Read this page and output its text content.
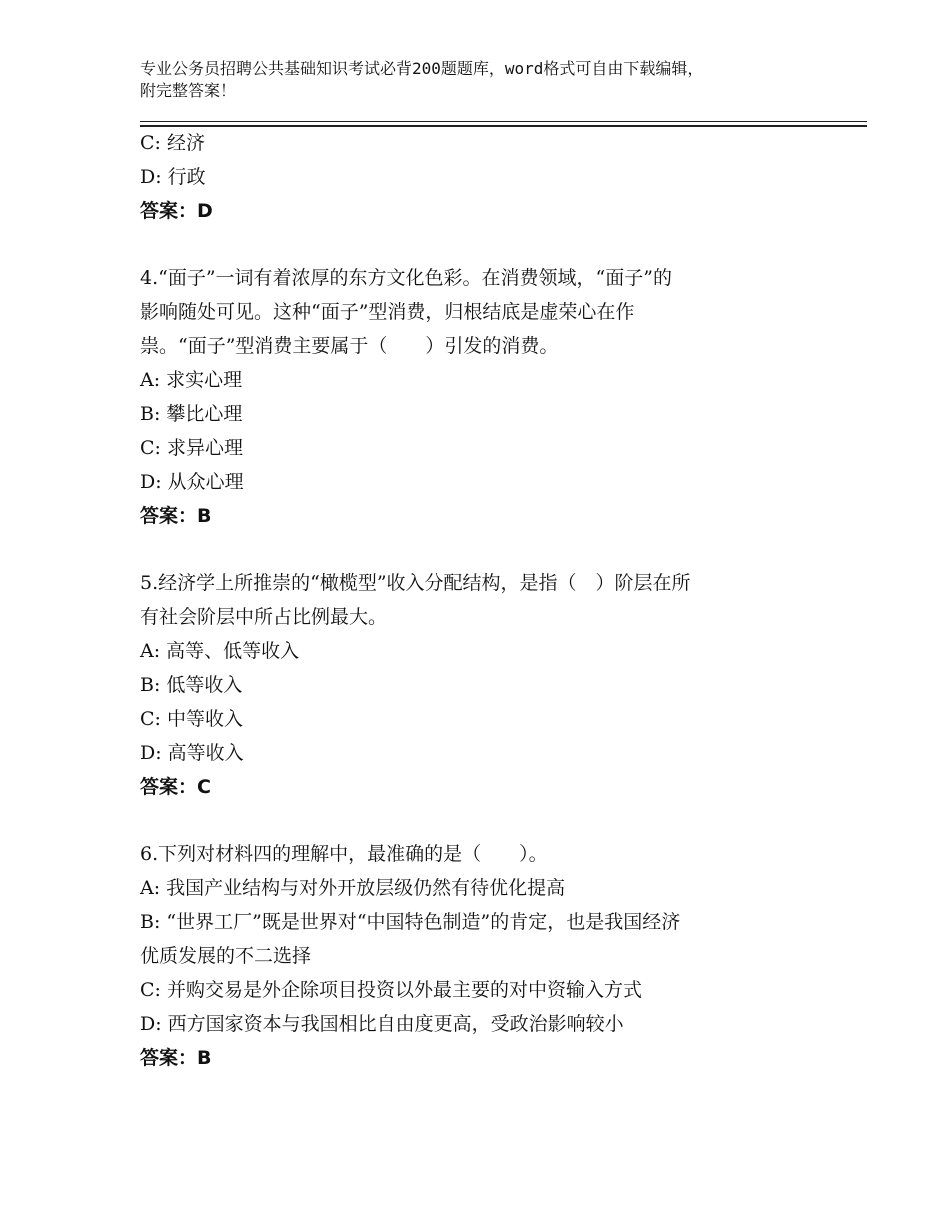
专业公务员招聘公共基础知识考试必背200题题库，word格式可自由下载编辑，
附完整答案！
C: 经济
D: 行政
答案：D
4.“面子”一词有着浓厚的东方文化色彩。在消费领域，“面子”的
影响随处可见。这种“面子”型消费，归根结底是虚荣心在作
祟。“面子”型消费主要属于（　　）引发的消费。
A: 求实心理
B: 攀比心理
C: 求异心理
D: 从众心理
答案：B
5.经济学上所推崇的“橄榄型”收入分配结构，是指（　）阶层在所
有社会阶层中所占比例最大。
A: 高等、低等收入
B: 低等收入
C: 中等收入
D: 高等收入
答案：C
6.下列对材料四的理解中，最准确的是（　　）。
A: 我国产业结构与对外开放层级仍然有待优化提高
B: “世界工厂”既是世界对“中国特色制造”的肯定，也是我国经济
优质发展的不二选择
C: 并购交易是外企除项目投资以外最主要的对中资输入方式
D: 西方国家资本与我国相比自由度更高，受政治影响较小
答案：B
